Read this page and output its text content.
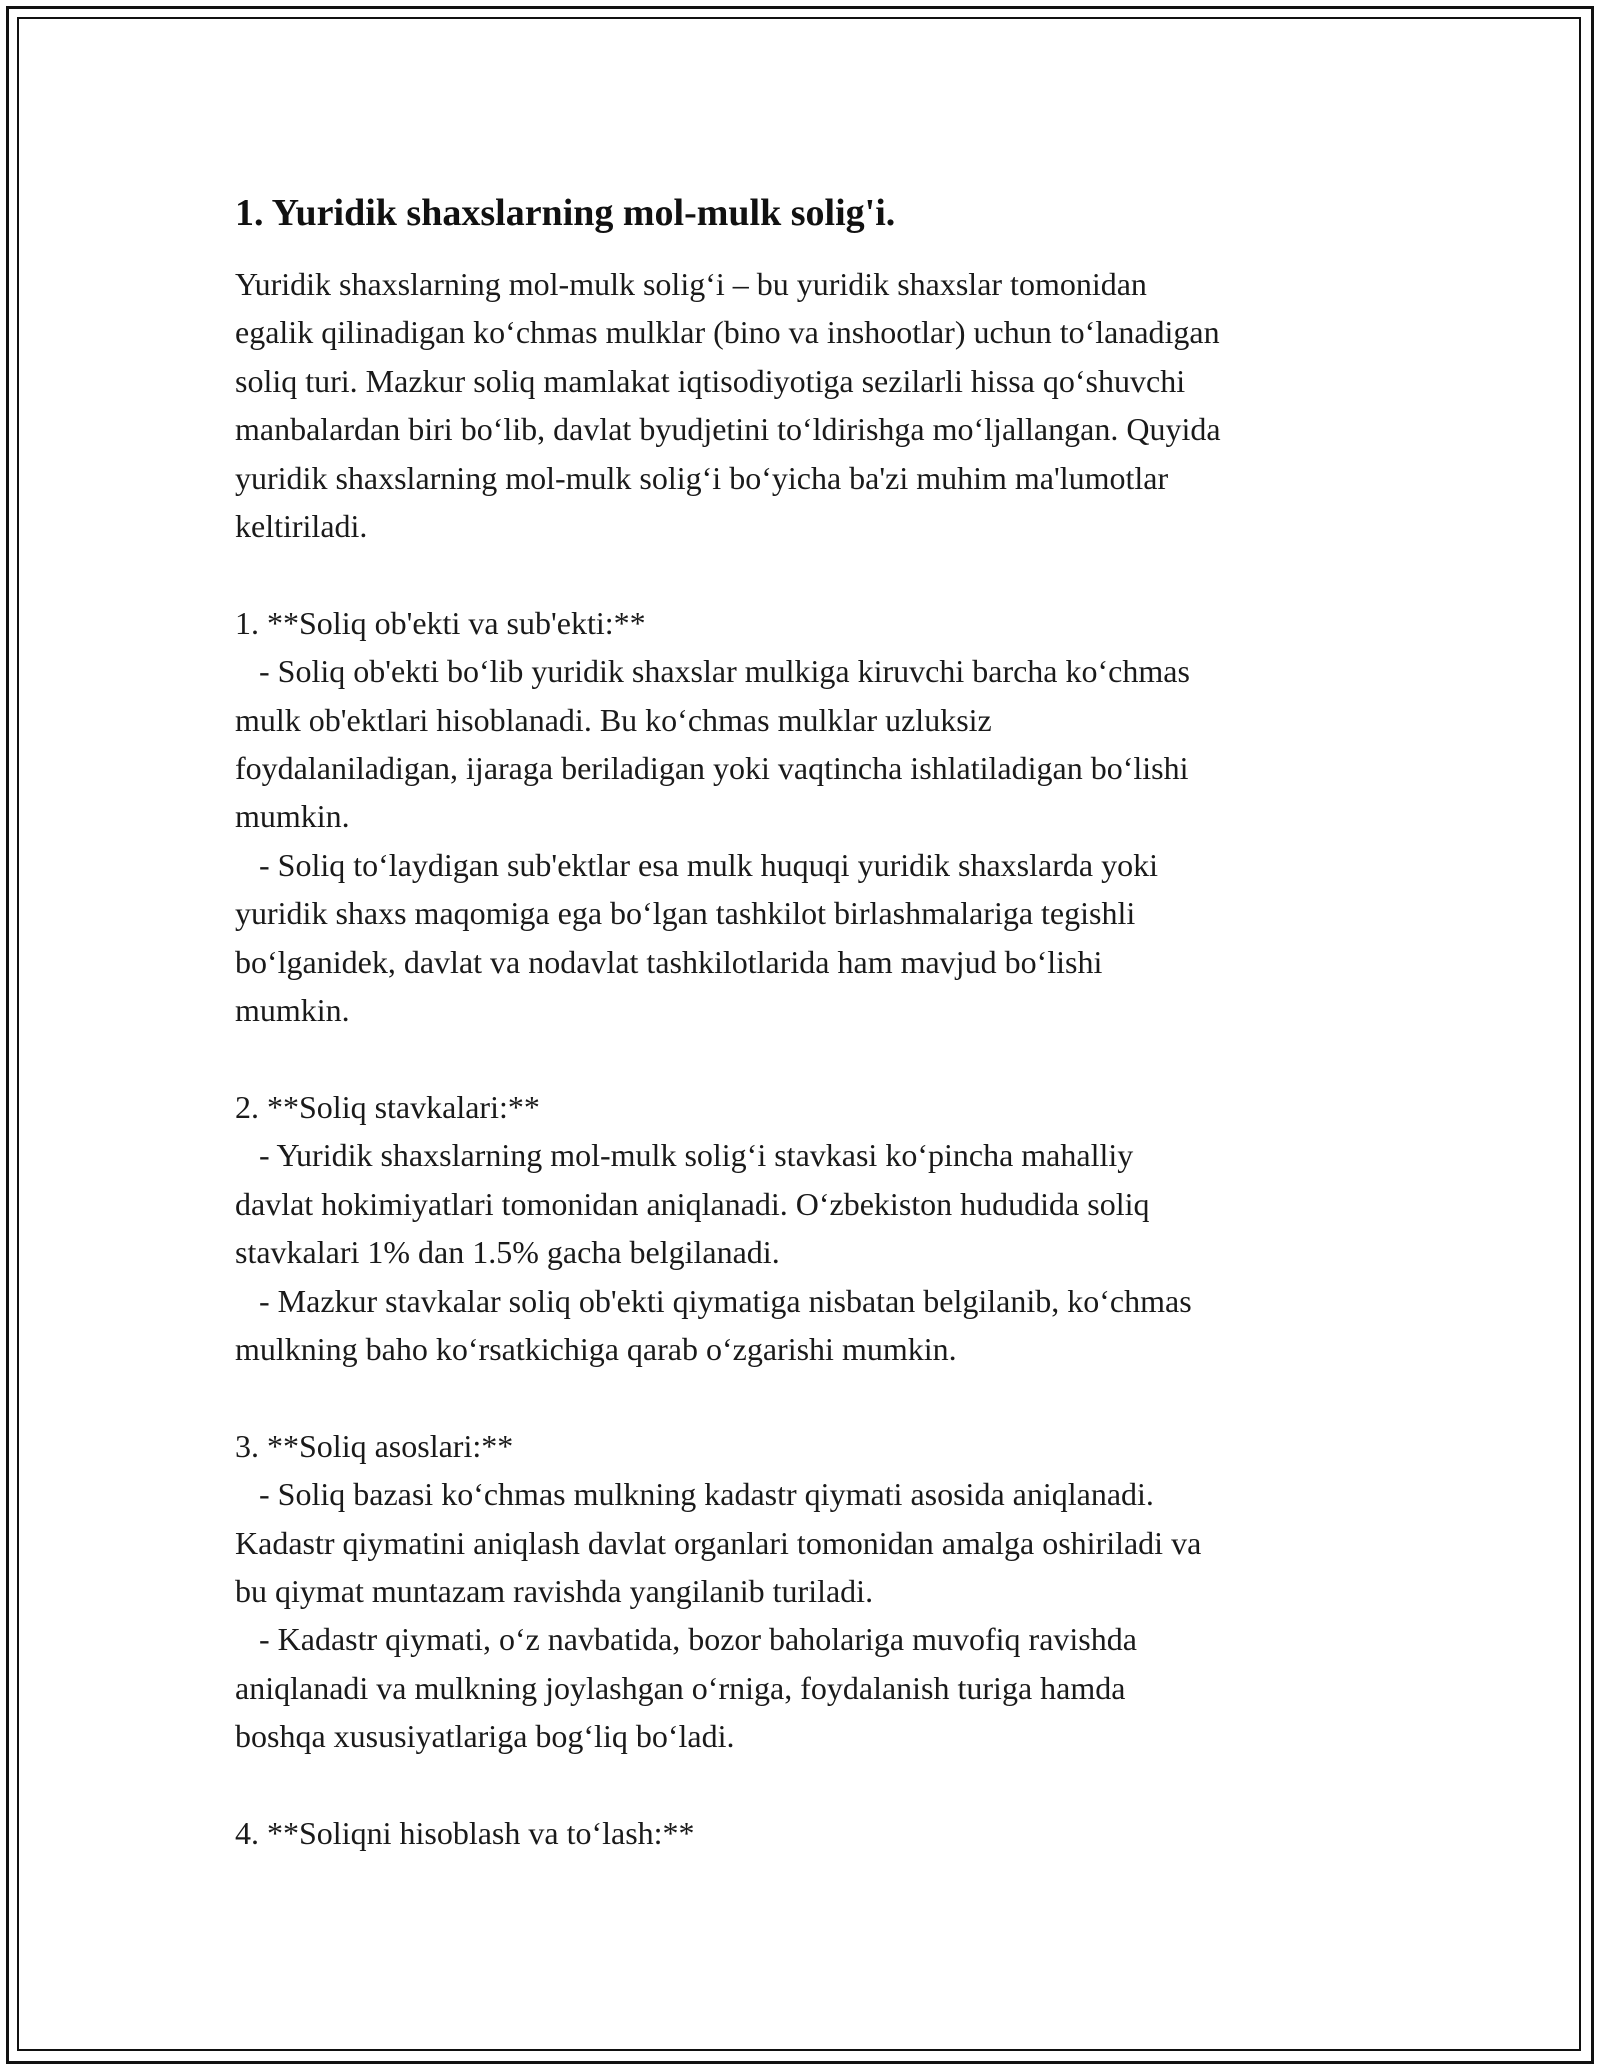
1. Yuridik shaxslarning mol-mulk solig'i.
Yuridik shaxslarning mol-mulk solig‘i – bu yuridik shaxslar tomonidan
egalik qilinadigan ko‘chmas mulklar (bino va inshootlar) uchun to‘lanadigan
soliq turi. Mazkur soliq mamlakat iqtisodiyotiga sezilarli hissa qo‘shuvchi
manbalardan biri bo‘lib, davlat byudjetini to‘ldirishga mo‘ljallangan. Quyida
yuridik shaxslarning mol-mulk solig‘i bo‘yicha ba'zi muhim ma'lumotlar
keltiriladi.
1. **Soliq ob'ekti va sub'ekti:**
- Soliq ob'ekti bo‘lib yuridik shaxslar mulkiga kiruvchi barcha ko‘chmas
mulk ob'ektlari hisoblanadi. Bu ko‘chmas mulklar uzluksiz
foydalaniladigan, ijaraga beriladigan yoki vaqtincha ishlatiladigan bo‘lishi
mumkin.
- Soliq to‘laydigan sub'ektlar esa mulk huquqi yuridik shaxslarda yoki
yuridik shaxs maqomiga ega bo‘lgan tashkilot birlashmalariga tegishli
bo‘lganidek, davlat va nodavlat tashkilotlarida ham mavjud bo‘lishi
mumkin.
2. **Soliq stavkalari:**
- Yuridik shaxslarning mol-mulk solig‘i stavkasi ko‘pincha mahalliy
davlat hokimiyatlari tomonidan aniqlanadi. O‘zbekiston hududida soliq
stavkalari 1% dan 1.5% gacha belgilanadi.
- Mazkur stavkalar soliq ob'ekti qiymatiga nisbatan belgilanib, ko‘chmas
mulkning baho ko‘rsatkichiga qarab o‘zgarishi mumkin.
3. **Soliq asoslari:**
- Soliq bazasi ko‘chmas mulkning kadastr qiymati asosida aniqlanadi.
Kadastr qiymatini aniqlash davlat organlari tomonidan amalga oshiriladi va
bu qiymat muntazam ravishda yangilanib turiladi.
- Kadastr qiymati, o‘z navbatida, bozor baholariga muvofiq ravishda
aniqlanadi va mulkning joylashgan o‘rniga, foydalanish turiga hamda
boshqa xususiyatlariga bog‘liq bo‘ladi.
4. **Soliqni hisoblash va to‘lash:**
